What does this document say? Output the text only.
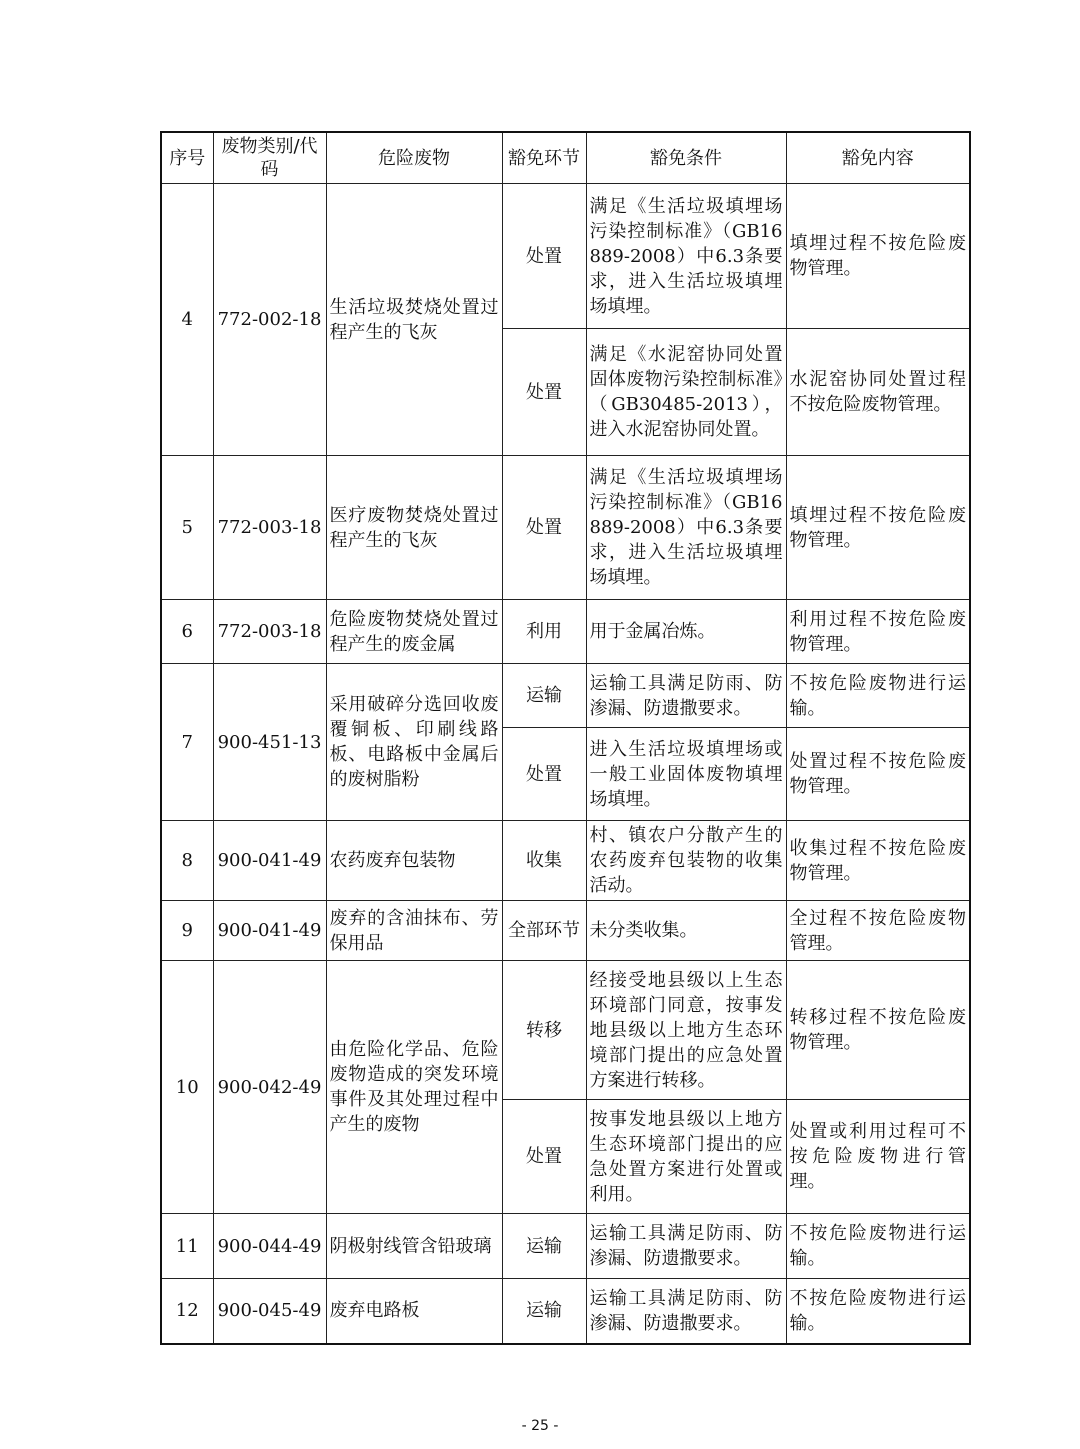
序号	废物类别/代码	危险废物	豁免环节	豁免条件	豁免内容
4	772-002-18	生活垃圾焚烧处置过程产生的飞灰	处置	满足《生活垃圾填埋场污染控制标准》（GB16889-2008）中6.3条要求，进入生活垃圾填埋场填埋。	填埋过程不按危险废物管理。
			处置	满足《水泥窑协同处置固体废物污染控制标准》（GB30485-2013），进入水泥窑协同处置。	水泥窑协同处置过程不按危险废物管理。
5	772-003-18	医疗废物焚烧处置过程产生的飞灰	处置	满足《生活垃圾填埋场污染控制标准》（GB16889-2008）中6.3条要求，进入生活垃圾填埋场填埋。	填埋过程不按危险废物管理。
6	772-003-18	危险废物焚烧处置过程产生的废金属	利用	用于金属冶炼。	利用过程不按危险废物管理。
7	900-451-13	采用破碎分选回收废覆铜板、印刷线路板、电路板中金属后的废树脂粉	运输	运输工具满足防雨、防渗漏、防遗撒要求。	不按危险废物进行运输。
			处置	进入生活垃圾填埋场或一般工业固体废物填埋场填埋。	处置过程不按危险废物管理。
8	900-041-49	农药废弃包装物	收集	村、镇农户分散产生的农药废弃包装物的收集活动。	收集过程不按危险废物管理。
9	900-041-49	废弃的含油抹布、劳保用品	全部环节	未分类收集。	全过程不按危险废物管理。
10	900-042-49	由危险化学品、危险废物造成的突发环境事件及其处理过程中产生的废物	转移	经接受地县级以上生态环境部门同意，按事发地县级以上地方生态环境部门提出的应急处置方案进行转移。	转移过程不按危险废物管理。
			处置	按事发地县级以上地方生态环境部门提出的应急处置方案进行处置或利用。	处置或利用过程可不按危险废物进行管理。
11	900-044-49	阴极射线管含铅玻璃	运输	运输工具满足防雨、防渗漏、防遗撒要求。	不按危险废物进行运输。
12	900-045-49	废弃电路板	运输	运输工具满足防雨、防渗漏、防遗撒要求。	不按危险废物进行运输。
- 25 -
